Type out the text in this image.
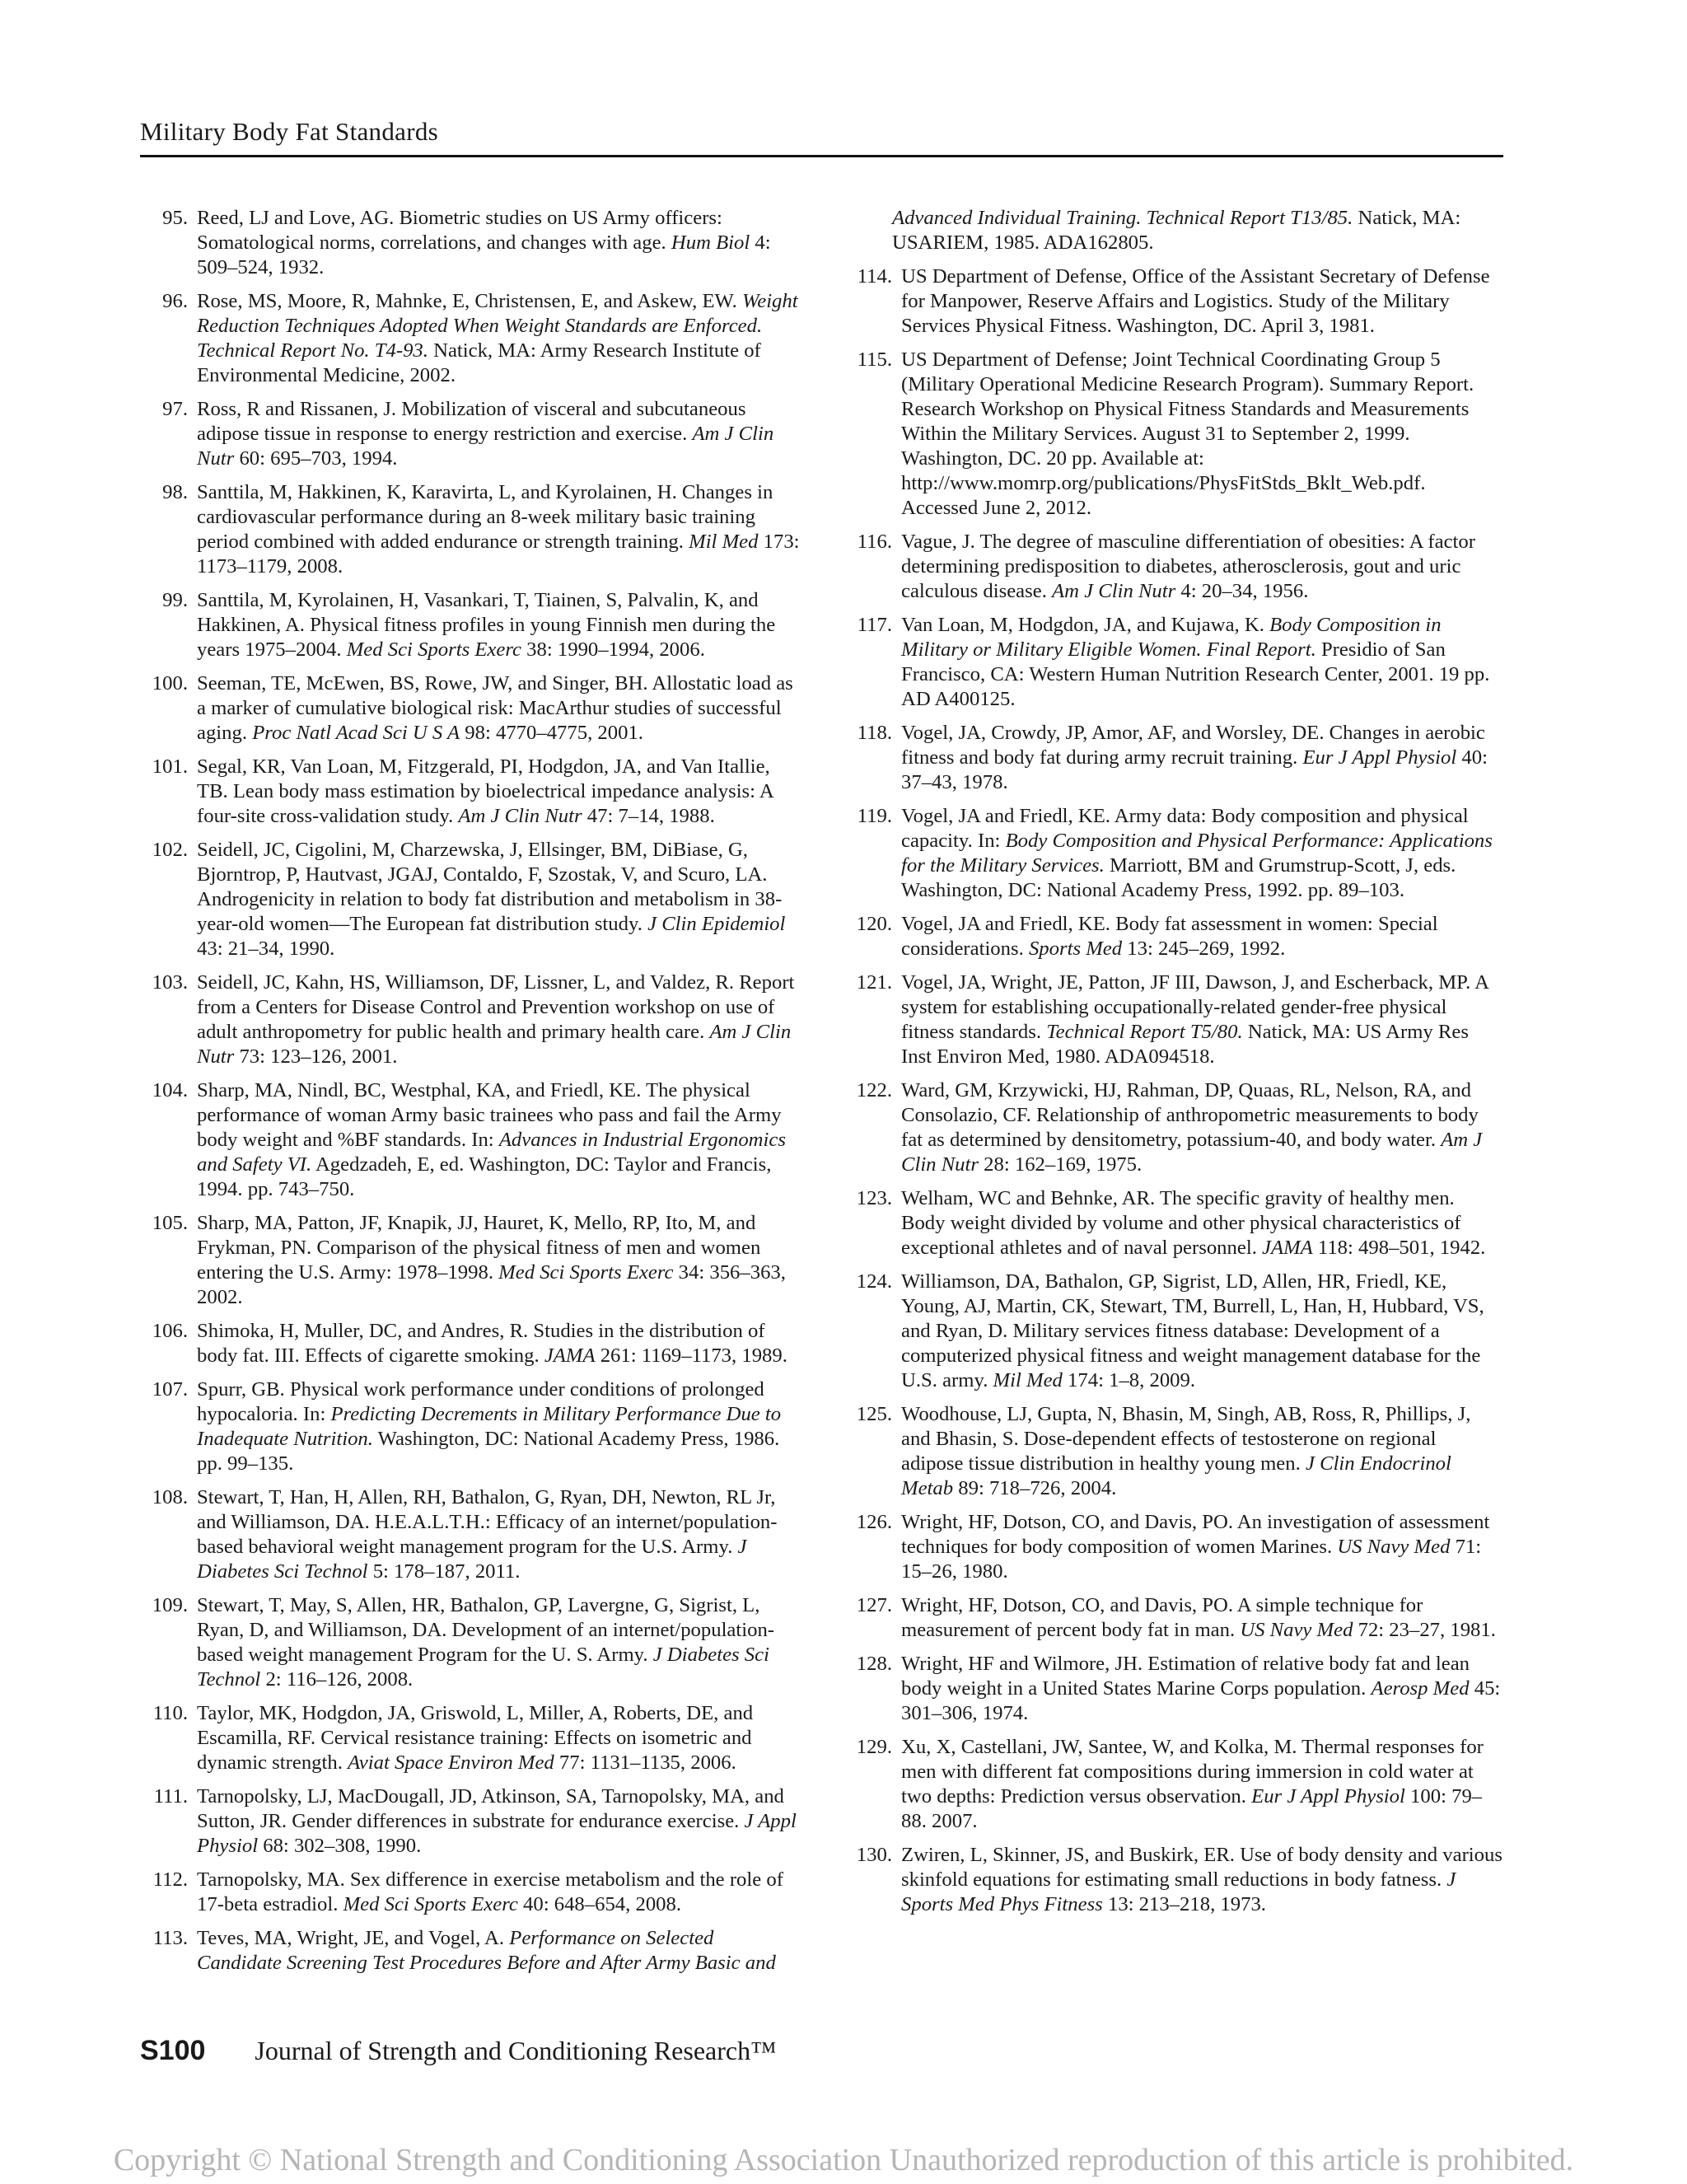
Military Body Fat Standards
95. Reed, LJ and Love, AG. Biometric studies on US Army officers: Somatological norms, correlations, and changes with age. Hum Biol 4: 509–524, 1932.
96. Rose, MS, Moore, R, Mahnke, E, Christensen, E, and Askew, EW. Weight Reduction Techniques Adopted When Weight Standards are Enforced. Technical Report No. T4-93. Natick, MA: Army Research Institute of Environmental Medicine, 2002.
97. Ross, R and Rissanen, J. Mobilization of visceral and subcutaneous adipose tissue in response to energy restriction and exercise. Am J Clin Nutr 60: 695–703, 1994.
98. Santtila, M, Hakkinen, K, Karavirta, L, and Kyrolainen, H. Changes in cardiovascular performance during an 8-week military basic training period combined with added endurance or strength training. Mil Med 173: 1173–1179, 2008.
99. Santtila, M, Kyrolainen, H, Vasankari, T, Tiainen, S, Palvalin, K, and Hakkinen, A. Physical fitness profiles in young Finnish men during the years 1975–2004. Med Sci Sports Exerc 38: 1990–1994, 2006.
100. Seeman, TE, McEwen, BS, Rowe, JW, and Singer, BH. Allostatic load as a marker of cumulative biological risk: MacArthur studies of successful aging. Proc Natl Acad Sci U S A 98: 4770–4775, 2001.
101. Segal, KR, Van Loan, M, Fitzgerald, PI, Hodgdon, JA, and Van Itallie, TB. Lean body mass estimation by bioelectrical impedance analysis: A four-site cross-validation study. Am J Clin Nutr 47: 7–14, 1988.
102. Seidell, JC, Cigolini, M, Charzewska, J, Ellsinger, BM, DiBiase, G, Bjorntrop, P, Hautvast, JGAJ, Contaldo, F, Szostak, V, and Scuro, LA. Androgenicity in relation to body fat distribution and metabolism in 38-year-old women—The European fat distribution study. J Clin Epidemiol 43: 21–34, 1990.
103. Seidell, JC, Kahn, HS, Williamson, DF, Lissner, L, and Valdez, R. Report from a Centers for Disease Control and Prevention workshop on use of adult anthropometry for public health and primary health care. Am J Clin Nutr 73: 123–126, 2001.
104. Sharp, MA, Nindl, BC, Westphal, KA, and Friedl, KE. The physical performance of woman Army basic trainees who pass and fail the Army body weight and %BF standards. In: Advances in Industrial Ergonomics and Safety VI. Agedzadeh, E, ed. Washington, DC: Taylor and Francis, 1994. pp. 743–750.
105. Sharp, MA, Patton, JF, Knapik, JJ, Hauret, K, Mello, RP, Ito, M, and Frykman, PN. Comparison of the physical fitness of men and women entering the U.S. Army: 1978–1998. Med Sci Sports Exerc 34: 356–363, 2002.
106. Shimoka, H, Muller, DC, and Andres, R. Studies in the distribution of body fat. III. Effects of cigarette smoking. JAMA 261: 1169–1173, 1989.
107. Spurr, GB. Physical work performance under conditions of prolonged hypocaloria. In: Predicting Decrements in Military Performance Due to Inadequate Nutrition. Washington, DC: National Academy Press, 1986. pp. 99–135.
108. Stewart, T, Han, H, Allen, RH, Bathalon, G, Ryan, DH, Newton, RL Jr, and Williamson, DA. H.E.A.L.T.H.: Efficacy of an internet/population-based behavioral weight management program for the U.S. Army. J Diabetes Sci Technol 5: 178–187, 2011.
109. Stewart, T, May, S, Allen, HR, Bathalon, GP, Lavergne, G, Sigrist, L, Ryan, D, and Williamson, DA. Development of an internet/population-based weight management Program for the U. S. Army. J Diabetes Sci Technol 2: 116–126, 2008.
110. Taylor, MK, Hodgdon, JA, Griswold, L, Miller, A, Roberts, DE, and Escamilla, RF. Cervical resistance training: Effects on isometric and dynamic strength. Aviat Space Environ Med 77: 1131–1135, 2006.
111. Tarnopolsky, LJ, MacDougall, JD, Atkinson, SA, Tarnopolsky, MA, and Sutton, JR. Gender differences in substrate for endurance exercise. J Appl Physiol 68: 302–308, 1990.
112. Tarnopolsky, MA. Sex difference in exercise metabolism and the role of 17-beta estradiol. Med Sci Sports Exerc 40: 648–654, 2008.
113. Teves, MA, Wright, JE, and Vogel, A. Performance on Selected Candidate Screening Test Procedures Before and After Army Basic and
Advanced Individual Training. Technical Report T13/85. Natick, MA: USARIEM, 1985. ADA162805.
114. US Department of Defense, Office of the Assistant Secretary of Defense for Manpower, Reserve Affairs and Logistics. Study of the Military Services Physical Fitness. Washington, DC. April 3, 1981.
115. US Department of Defense; Joint Technical Coordinating Group 5 (Military Operational Medicine Research Program). Summary Report. Research Workshop on Physical Fitness Standards and Measurements Within the Military Services. August 31 to September 2, 1999. Washington, DC. 20 pp. Available at: http://www.momrp.org/publications/PhysFitStds_Bklt_Web.pdf. Accessed June 2, 2012.
116. Vague, J. The degree of masculine differentiation of obesities: A factor determining predisposition to diabetes, atherosclerosis, gout and uric calculous disease. Am J Clin Nutr 4: 20–34, 1956.
117. Van Loan, M, Hodgdon, JA, and Kujawa, K. Body Composition in Military or Military Eligible Women. Final Report. Presidio of San Francisco, CA: Western Human Nutrition Research Center, 2001. 19 pp. AD A400125.
118. Vogel, JA, Crowdy, JP, Amor, AF, and Worsley, DE. Changes in aerobic fitness and body fat during army recruit training. Eur J Appl Physiol 40: 37–43, 1978.
119. Vogel, JA and Friedl, KE. Army data: Body composition and physical capacity. In: Body Composition and Physical Performance: Applications for the Military Services. Marriott, BM and Grumstrup-Scott, J, eds. Washington, DC: National Academy Press, 1992. pp. 89–103.
120. Vogel, JA and Friedl, KE. Body fat assessment in women: Special considerations. Sports Med 13: 245–269, 1992.
121. Vogel, JA, Wright, JE, Patton, JF III, Dawson, J, and Escherback, MP. A system for establishing occupationally-related gender-free physical fitness standards. Technical Report T5/80. Natick, MA: US Army Res Inst Environ Med, 1980. ADA094518.
122. Ward, GM, Krzywicki, HJ, Rahman, DP, Quaas, RL, Nelson, RA, and Consolazio, CF. Relationship of anthropometric measurements to body fat as determined by densitometry, potassium-40, and body water. Am J Clin Nutr 28: 162–169, 1975.
123. Welham, WC and Behnke, AR. The specific gravity of healthy men. Body weight divided by volume and other physical characteristics of exceptional athletes and of naval personnel. JAMA 118: 498–501, 1942.
124. Williamson, DA, Bathalon, GP, Sigrist, LD, Allen, HR, Friedl, KE, Young, AJ, Martin, CK, Stewart, TM, Burrell, L, Han, H, Hubbard, VS, and Ryan, D. Military services fitness database: Development of a computerized physical fitness and weight management database for the U.S. army. Mil Med 174: 1–8, 2009.
125. Woodhouse, LJ, Gupta, N, Bhasin, M, Singh, AB, Ross, R, Phillips, J, and Bhasin, S. Dose-dependent effects of testosterone on regional adipose tissue distribution in healthy young men. J Clin Endocrinol Metab 89: 718–726, 2004.
126. Wright, HF, Dotson, CO, and Davis, PO. An investigation of assessment techniques for body composition of women Marines. US Navy Med 71: 15–26, 1980.
127. Wright, HF, Dotson, CO, and Davis, PO. A simple technique for measurement of percent body fat in man. US Navy Med 72: 23–27, 1981.
128. Wright, HF and Wilmore, JH. Estimation of relative body fat and lean body weight in a United States Marine Corps population. Aerosp Med 45: 301–306, 1974.
129. Xu, X, Castellani, JW, Santee, W, and Kolka, M. Thermal responses for men with different fat compositions during immersion in cold water at two depths: Prediction versus observation. Eur J Appl Physiol 100: 79–88. 2007.
130. Zwiren, L, Skinner, JS, and Buskirk, ER. Use of body density and various skinfold equations for estimating small reductions in body fatness. J Sports Med Phys Fitness 13: 213–218, 1973.
S100 Journal of Strength and Conditioning Research™
Copyright © National Strength and Conditioning Association Unauthorized reproduction of this article is prohibited.
